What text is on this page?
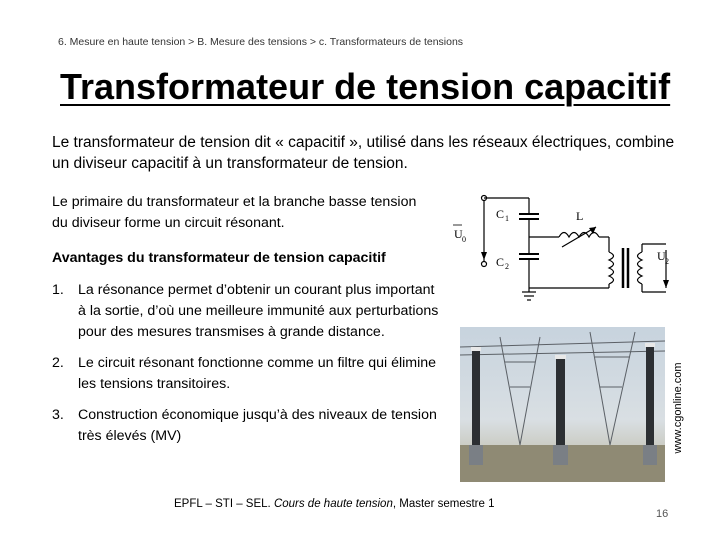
6. Mesure en haute tension > B. Mesure des tensions > c. Transformateurs de tensions
Transformateur de tension capacitif
Le transformateur de tension dit « capacitif », utilisé dans les réseaux électriques, combine un diviseur capacitif à un transformateur de tension.
Le primaire du transformateur et la branche basse tension du diviseur forme un circuit résonant.
Avantages du transformateur de tension capacitif
1. La résonance permet d’obtenir un courant plus important à la sortie, d’où une meilleure immunité aux perturbations pour des mesures transmises à grande distance.
2. Le circuit résonant fonctionne comme un filtre qui élimine les tensions transitoires.
3. Construction économique jusqu’à des niveaux de tension très élevés (MV)
U 0
C 1
C 2
L
U 2
www.cgonline.com
EPFL – STI – SEL. Cours de haute tension, Master semestre 1
16
